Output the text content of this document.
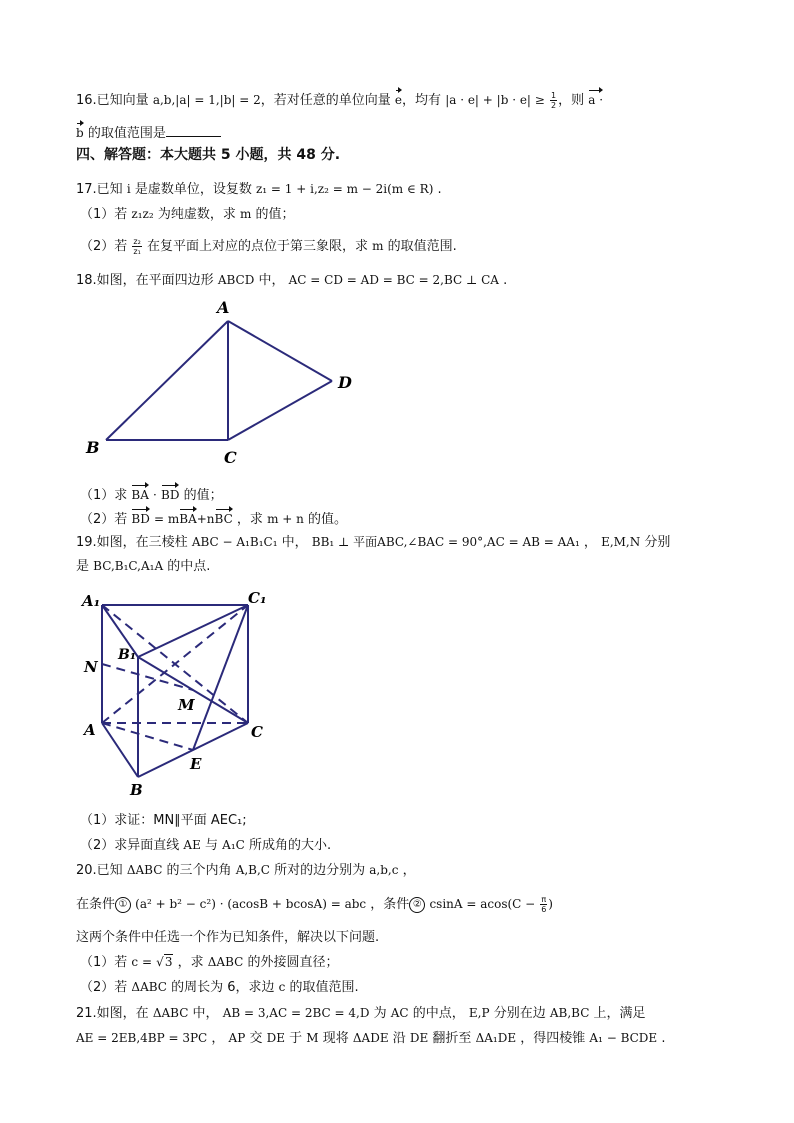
16.已知向量 a,b,|a| = 1,|b| = 2，若对任意的单位向量 e，均有 $|a \cdot e| + |b \cdot e| \ge \frac{1}{2}$ ，则 a ·
b 的取值范围是
四、解答题：本大题共 5 小题，共 48 分.
17.已知 i 是虚数单位，设复数 z₁ = 1 + i,z₂ = m − 2i(m ∈ R) .
（1）若 z₁z₂ 为纯虚数，求 m 的值；
（2）若 $\frac{\text{z₂}}{\text{z₁}}$ 在复平面上对应的点位于第三象限，求 m 的取值范围.
18.如图，在平面四边形 ABCD 中， AC = CD = AD = BC = 2,BC ⊥ CA .
A
D
B
C
（1）求 BA · BD 的值；
（2）若 BD = mBA+nBC ，求 m + n 的值。
19.如图，在三棱柱 ABC − A₁B₁C₁ 中， BB₁ ⊥ 平面ABC,∠BAC = 90°,AC = AB = AA₁ ， E,M,N 分别
是 BC,B₁C,A₁A 的中点.
A₁	C₁
B₁
N
M
A	C
E
B
（1）求证：MN∥平面 AEC₁;
（2）求异面直线 AE 与 A₁C 所成角的大小.
20.已知 ΔABC 的三个内角 A,B,C 所对的边分别为 a,b,c ，
在条件 ① (a² + b² − c²) · (acosB + bcosA) = abc ，条件 ② $csinA = acos(C - \frac{\pi}{6}$ )
这两个条件中任选一个作为已知条件，解决以下问题.
（1）若 c = √3 ，求 ΔABC 的外接圆直径；
（2）若 ΔABC 的周长为 6，求边 c 的取值范围.
21.如图，在 ΔABC 中， AB = 3,AC = 2BC = 4,D 为 AC 的中点， E,P 分别在边 AB,BC 上，满足
AE = 2EB,4BP = 3PC ， AP 交 DE 于 M 现将 ΔADE 沿 DE 翻折至 ΔA₁DE ，得四棱锥 A₁ − BCDE .
